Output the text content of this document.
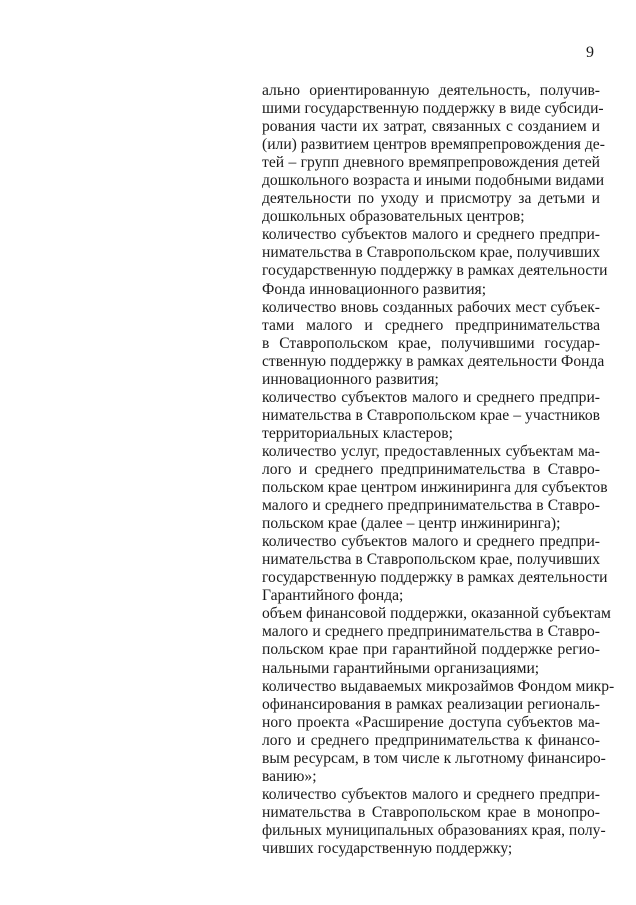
9
ально ориентированную деятельность, получив-
шими государственную поддержку в виде субсиди-
рования части их затрат, связанных с созданием и
(или) развитием центров времяпрепровождения де-
тей – групп дневного времяпрепровождения детей
дошкольного возраста и иными подобными видами
деятельности по уходу и присмотру за детьми и
дошкольных образовательных центров;
количество субъектов малого и среднего предпри-
нимательства в Ставропольском крае, получивших
государственную поддержку в рамках деятельности
Фонда инновационного развития;
количество вновь созданных рабочих мест субъек-
тами малого и среднего предпринимательства
в Ставропольском крае, получившими государ-
ственную поддержку в рамках деятельности Фонда
инновационного развития;
количество субъектов малого и среднего предпри-
нимательства в Ставропольском крае – участников
территориальных кластеров;
количество услуг, предоставленных субъектам ма-
лого и среднего предпринимательства в Ставро-
польском крае центром инжиниринга для субъектов
малого и среднего предпринимательства в Ставро-
польском крае (далее – центр инжиниринга);
количество субъектов малого и среднего предпри-
нимательства в Ставропольском крае, получивших
государственную поддержку в рамках деятельности
Гарантийного фонда;
объем финансовой поддержки, оказанной субъектам
малого и среднего предпринимательства в Ставро-
польском крае при гарантийной поддержке регио-
нальными гарантийными организациями;
количество выдаваемых микрозаймов Фондом микр-
офинансирования в рамках реализации региональ-
ного проекта «Расширение доступа субъектов ма-
лого и среднего предпринимательства к финансо-
вым ресурсам, в том числе к льготному финансиро-
ванию»;
количество субъектов малого и среднего предпри-
нимательства в Ставропольском крае в монопро-
фильных муниципальных образованиях края, полу-
чивших государственную поддержку;
